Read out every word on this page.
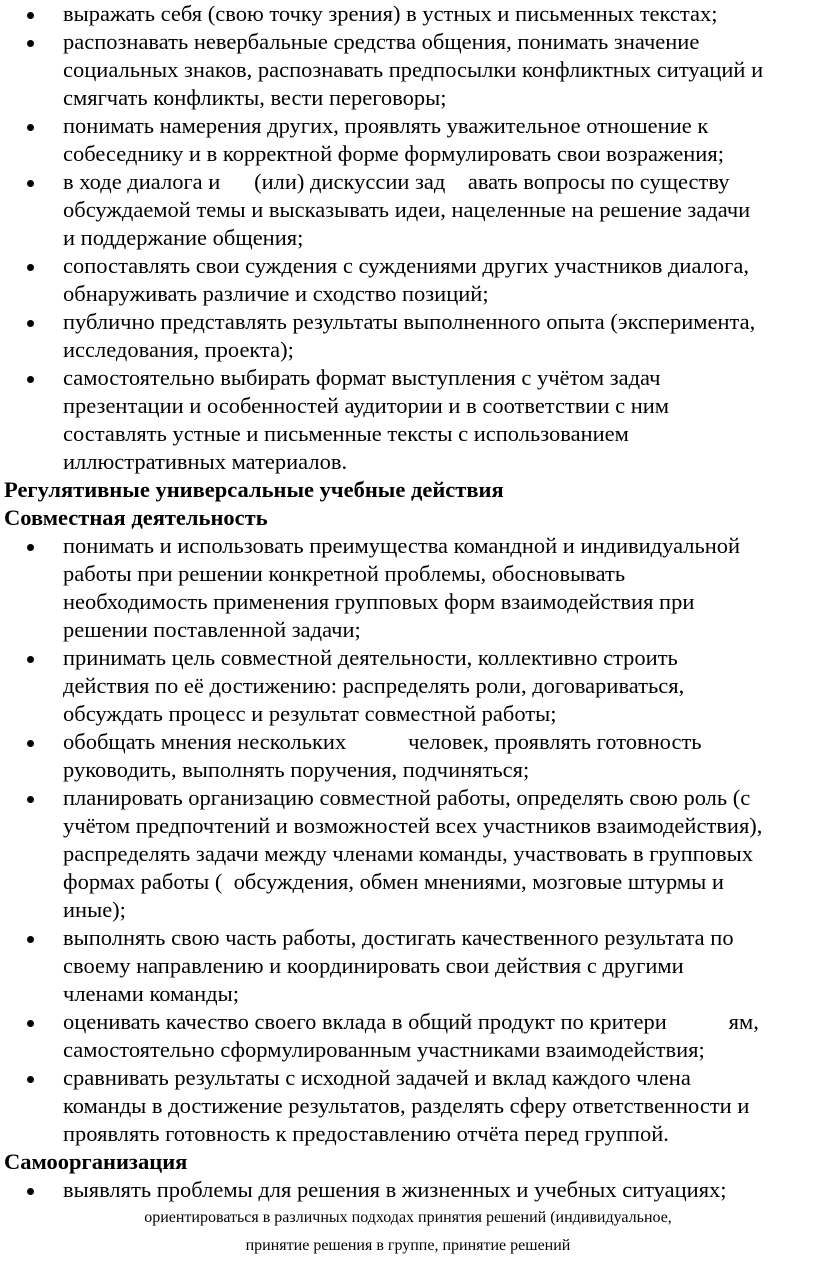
выражать себя (свою точку зрения) в устных и письменных текстах;
распознавать невербальные средства общения, понимать значение
социальных знаков, распознавать предпосылки конфликтных ситуаций и
смягчать конфликты, вести переговоры;
понимать намерения других, проявлять уважительное отношение к
собеседнику и в корректной форме формулировать свои возражения;
в ходе диалога и      (или) дискуссии зад    авать вопросы по существу
обсуждаемой темы и высказывать идеи, нацеленные на решение задачи
и поддержание общения;
сопоставлять свои суждения с суждениями других участников диалога,
обнаруживать различие и сходство позиций;
публично представлять результаты выполненного опыта (эксперимента,
исследования, проекта);
самостоятельно выбирать формат выступления с учётом задач
презентации и особенностей аудитории и в соответствии с ним
составлять устные и письменные тексты с использованием
иллюстративных материалов.
Регулятивные универсальные учебные действия
Совместная деятельность
понимать и использовать преимущества командной и индивидуальной
работы при решении конкретной проблемы, обосновывать
необходимость применения групповых форм взаимодействия при
решении поставленной задачи;
принимать цель совместной деятельности, коллективно строить
действия по её достижению: распределять роли, договариваться,
обсуждать процесс и результат совместной работы;
обобщать мнения нескольких           человек, проявлять готовность
руководить, выполнять поручения, подчиняться;
планировать организацию совместной работы, определять свою роль (с
учётом предпочтений и возможностей всех участников взаимодействия),
распределять задачи между членами команды, участвовать в групповых
формах работы (  обсуждения, обмен мнениями, мозговые штурмы и
иные);
выполнять свою часть работы, достигать качественного результата по
своему направлению и координировать свои действия с другими
членами команды;
оценивать качество своего вклада в общий продукт по критери           ям,
самостоятельно сформулированным участниками взаимодействия;
сравнивать результаты с исходной задачей и вклад каждого члена
команды в достижение результатов, разделять сферу ответственности и
проявлять готовность к предоставлению отчёта перед группой.
Самоорганизация
выявлять проблемы для решения в жизненных и учебных ситуациях;
ориентироваться в различных подходах принятия решений (индивидуальное,
принятие решения в группе, принятие решений
